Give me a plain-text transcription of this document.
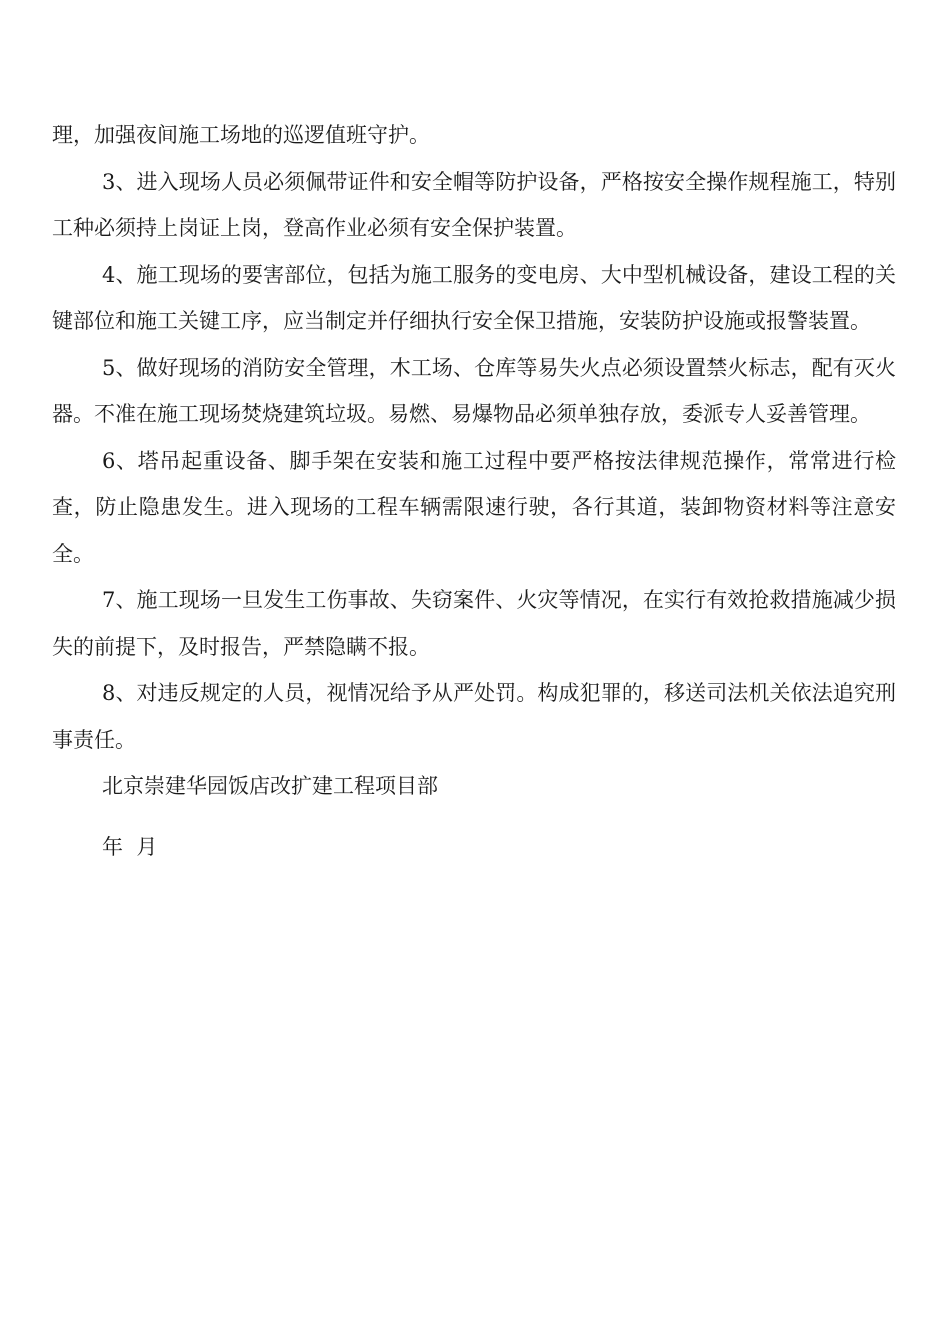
理，加强夜间施工场地的巡逻值班守护。

3、进入现场人员必须佩带证件和安全帽等防护设备，严格按安全操作规程施工，特别工种必须持上岗证上岗，登高作业必须有安全保护装置。

4、施工现场的要害部位，包括为施工服务的变电房、大中型机械设备，建设工程的关键部位和施工关键工序，应当制定并仔细执行安全保卫措施，安装防护设施或报警装置。

5、做好现场的消防安全管理，木工场、仓库等易失火点必须设置禁火标志，配有灭火器。不准在施工现场焚烧建筑垃圾。易燃、易爆物品必须单独存放，委派专人妥善管理。

6、塔吊起重设备、脚手架在安装和施工过程中要严格按法律规范操作，常常进行检查，防止隐患发生。进入现场的工程车辆需限速行驶，各行其道，装卸物资材料等注意安全。

7、施工现场一旦发生工伤事故、失窃案件、火灾等情况，在实行有效抢救措施减少损失的前提下，及时报告，严禁隐瞒不报。

8、对违反规定的人员，视情况给予从严处罚。构成犯罪的，移送司法机关依法追究刑事责任。

北京崇建华园饭店改扩建工程项目部

年  月
